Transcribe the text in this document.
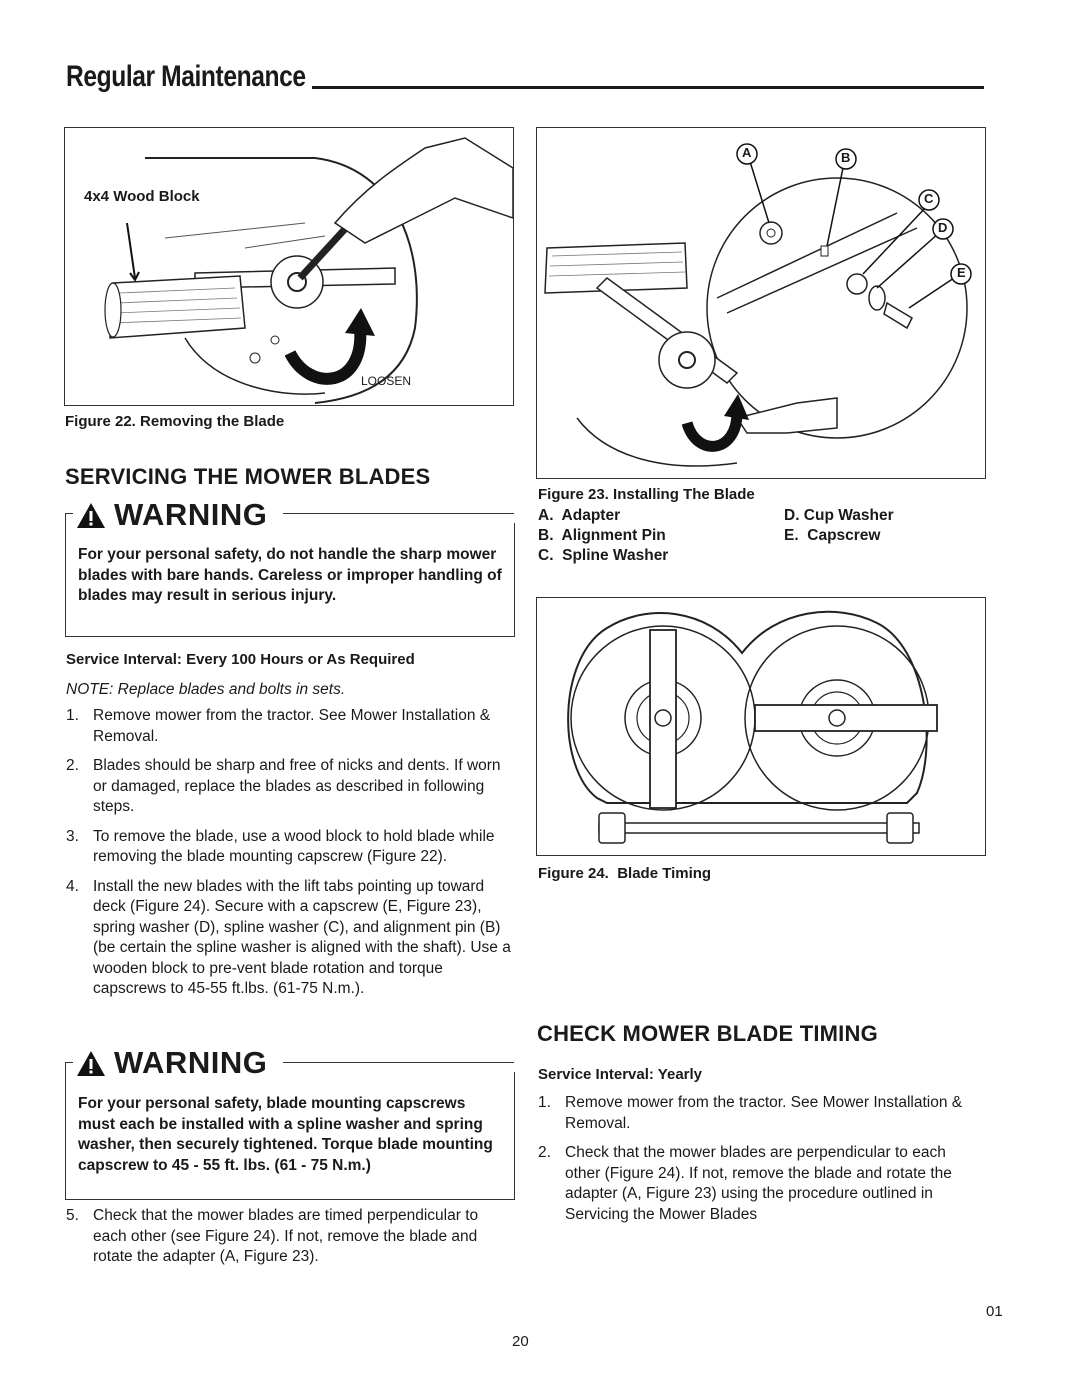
Regular Maintenance
4x4 Wood Block
LOOSEN
Figure 22. Removing the Blade
A	B
C
D
E
Figure 23. Installing The Blade
A.  Adapter
B.  Alignment Pin
C.  Spline Washer
D. Cup Washer
E.  Capscrew
Figure 24.  Blade Timing
SERVICING THE MOWER BLADES
WARNING
For your personal safety, do not handle the sharp mower blades with bare hands. Careless or improper handling of blades may result in serious injury.
Service Interval: Every 100 Hours or As Required
NOTE: Replace blades and bolts in sets.
1. Remove mower from the tractor. See Mower Installation & Removal.
2. Blades should be sharp and free of nicks and dents. If worn or damaged, replace the blades as described in following steps.
3. To remove the blade, use a wood block to hold blade while removing the blade mounting capscrew (Figure 22).
4. Install the new blades with the lift tabs pointing up toward deck (Figure 24). Secure with a capscrew (E, Figure 23), spring washer (D), spline washer (C), and alignment pin (B) (be certain the spline washer is aligned with the shaft). Use a wooden block to pre-vent blade rotation and torque capscrews to 45-55 ft.lbs. (61-75 N.m.).
WARNING
For your personal safety, blade mounting capscrews must each be installed with a spline washer and spring washer, then securely tightened. Torque blade mounting capscrew to 45 - 55 ft. lbs. (61 - 75 N.m.)
5. Check that the mower blades are timed perpendicular to each other (see Figure 24). If not, remove the blade and rotate the adapter (A, Figure 23).
CHECK MOWER BLADE TIMING
Service Interval: Yearly
1. Remove mower from the tractor. See Mower Installation & Removal.
2. Check that the mower blades are perpendicular to each other (Figure 24). If not, remove the blade and rotate the adapter (A, Figure 23) using the procedure outlined in Servicing the Mower Blades
01
20
